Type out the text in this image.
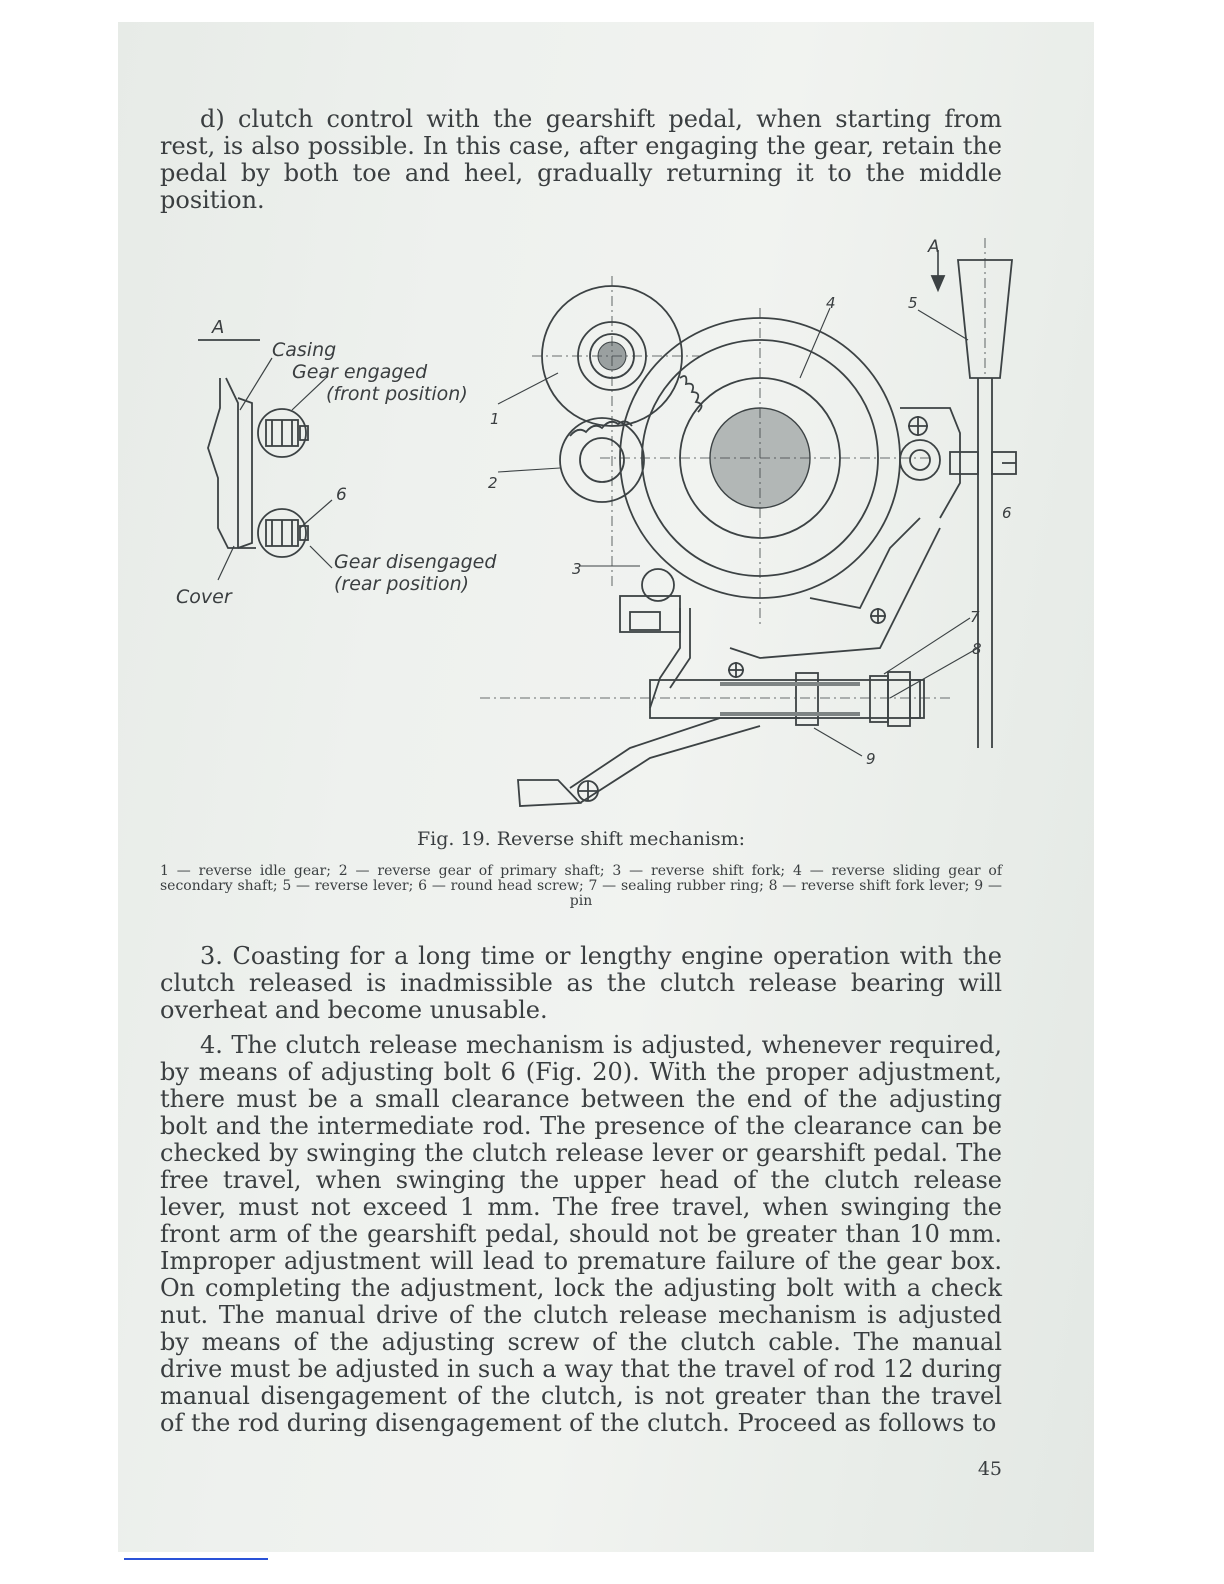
d) clutch control with the gearshift pedal, when starting from rest, is also possible. In this case, after engaging the gear, retain the pedal by both toe and heel, gradually returning it to the middle position.

A
Casing
Gear engaged
(front position)
6
Gear disengaged
(rear position)
Cover
A
1
2
3
4	5
6
7
8
9
Fig. 19. Reverse shift mechanism:

1 — reverse idle gear; 2 — reverse gear of primary shaft; 3 — reverse shift fork; 4 — reverse sliding gear of secondary shaft; 5 — reverse lever; 6 — round head screw; 7 — sealing rubber ring; 8 — reverse shift fork lever; 9 — pin

3. Coasting for a long time or lengthy engine operation with the clutch released is inadmissible as the clutch release bearing will overheat and become unusable.

4. The clutch release mechanism is adjusted, whenever required, by means of adjusting bolt 6 (Fig. 20). With the proper adjustment, there must be a small clearance between the end of the adjusting bolt and the intermediate rod. The presence of the clearance can be checked by swinging the clutch release lever or gearshift pedal. The free travel, when swinging the upper head of the clutch release lever, must not exceed 1 mm. The free travel, when swinging the front arm of the gearshift pedal, should not be greater than 10 mm. Improper adjustment will lead to premature failure of the gear box. On completing the adjustment, lock the adjusting bolt with a check nut. The manual drive of the clutch release mechanism is adjusted by means of the adjusting screw of the clutch cable. The manual drive must be adjusted in such a way that the travel of rod 12 during manual disengagement of the clutch, is not greater than the travel of the rod during disengagement of the clutch. Proceed as follows to

45
